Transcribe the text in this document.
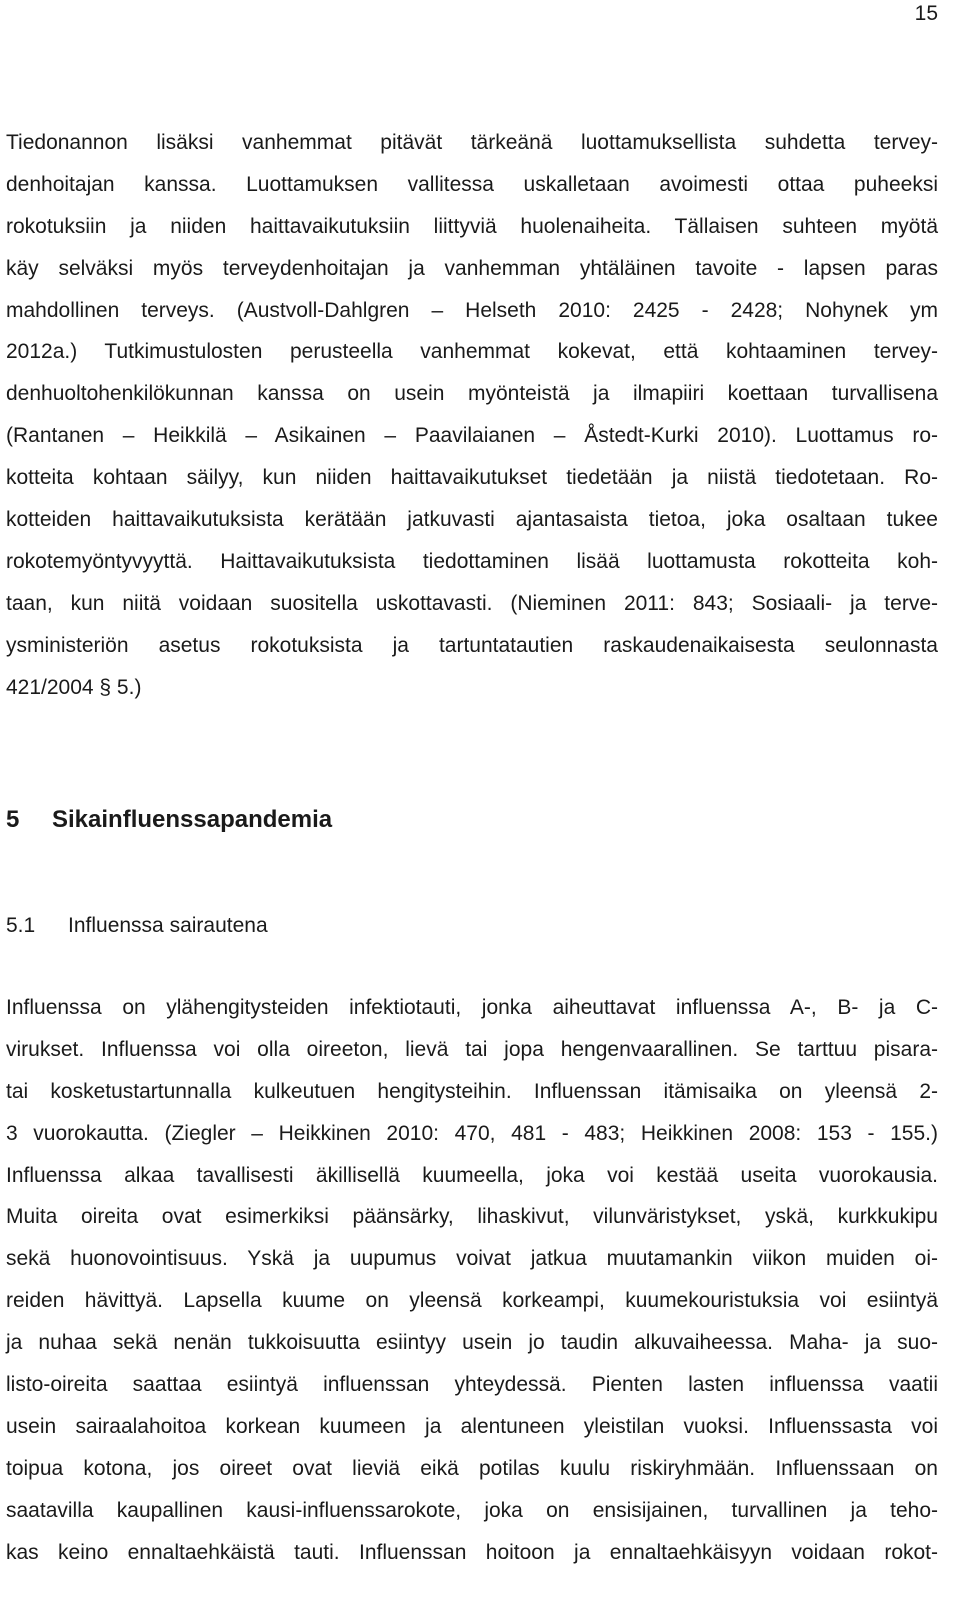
15
Tiedonannon lisäksi vanhemmat pitävät tärkeänä luottamuksellista suhdetta tervey-
denhoitajan kanssa. Luottamuksen vallitessa uskalletaan avoimesti ottaa puheeksi
rokotuksiin ja niiden haittavaikutuksiin liittyviä huolenaiheita. Tällaisen suhteen myötä
käy selväksi myös terveydenhoitajan ja vanhemman yhtäläinen tavoite - lapsen paras
mahdollinen terveys. (Austvoll-Dahlgren – Helseth 2010: 2425 - 2428; Nohynek ym
2012a.) Tutkimustulosten perusteella vanhemmat kokevat, että kohtaaminen tervey-
denhuoltohenkilökunnan kanssa on usein myönteistä ja ilmapiiri koettaan turvallisena
(Rantanen – Heikkilä – Asikainen – Paavilaianen – Åstedt-Kurki 2010). Luottamus ro-
kotteita kohtaan säilyy, kun niiden haittavaikutukset tiedetään ja niistä tiedotetaan. Ro-
kotteiden haittavaikutuksista kerätään jatkuvasti ajantasaista tietoa, joka osaltaan tukee
rokotemyöntyvyyttä. Haittavaikutuksista tiedottaminen lisää luottamusta rokotteita koh-
taan, kun niitä voidaan suositella uskottavasti. (Nieminen 2011: 843; Sosiaali- ja terve-
ysministeriön asetus rokotuksista ja tartuntatautien raskaudenaikaisesta seulonnasta
421/2004 § 5.)
5 Sikainfluenssapandemia
5.1 Influenssa sairautena
Influenssa on ylähengitysteiden infektiotauti, jonka aiheuttavat influenssa A-, B- ja C-
virukset. Influenssa voi olla oireeton, lievä tai jopa hengenvaarallinen. Se tarttuu pisara-
tai kosketustartunnalla kulkeutuen hengitysteihin. Influenssan itämisaika on yleensä 2-
3 vuorokautta. (Ziegler – Heikkinen 2010: 470, 481 - 483; Heikkinen 2008: 153 - 155.)
Influenssa alkaa tavallisesti äkillisellä kuumeella, joka voi kestää useita vuorokausia.
Muita oireita ovat esimerkiksi päänsärky, lihaskivut, vilunväristykset, yskä, kurkkukipu
sekä huonovointisuus. Yskä ja uupumus voivat jatkua muutamankin viikon muiden oi-
reiden hävittyä. Lapsella kuume on yleensä korkeampi, kuumekouristuksia voi esiintyä
ja nuhaa sekä nenän tukkoisuutta esiintyy usein jo taudin alkuvaiheessa. Maha- ja suo-
listo-oireita saattaa esiintyä influenssan yhteydessä. Pienten lasten influenssa vaatii
usein sairaalahoitoa korkean kuumeen ja alentuneen yleistilan vuoksi. Influenssasta voi
toipua kotona, jos oireet ovat lieviä eikä potilas kuulu riskiryhmään. Influenssaan on
saatavilla kaupallinen kausi-influenssarokote, joka on ensisijainen, turvallinen ja teho-
kas keino ennaltaehkäistä tauti. Influenssan hoitoon ja ennaltaehkäisyyn voidaan rokot-
